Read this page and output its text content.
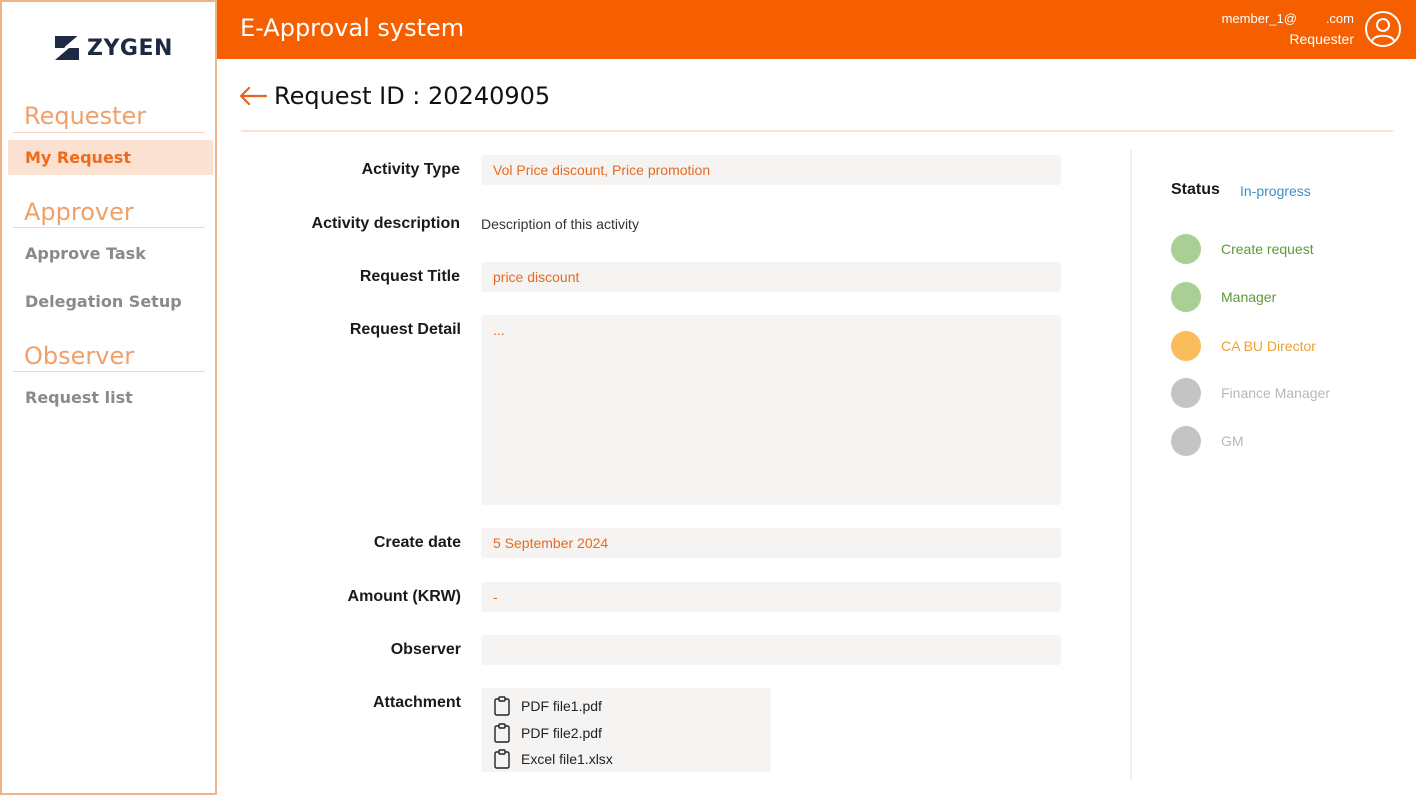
ZYGEN
Requester
My Request
Approver
Approve Task
Delegation Setup
Observer
Request list
E-Approval system	member_1@        .com
Requester
Request ID : 20240905
Activity Type	Vol Price discount, Price promotion
Activity description Description of this activity
Request Title	price discount
Request Detail	...
Create date	5 September 2024
Amount (KRW)	-
Observer
Attachment	PDF file1.pdf
PDF file2.pdf
Excel file1.xlsx
Status In-progress
Create request
Manager
CA BU Director
Finance Manager
GM
